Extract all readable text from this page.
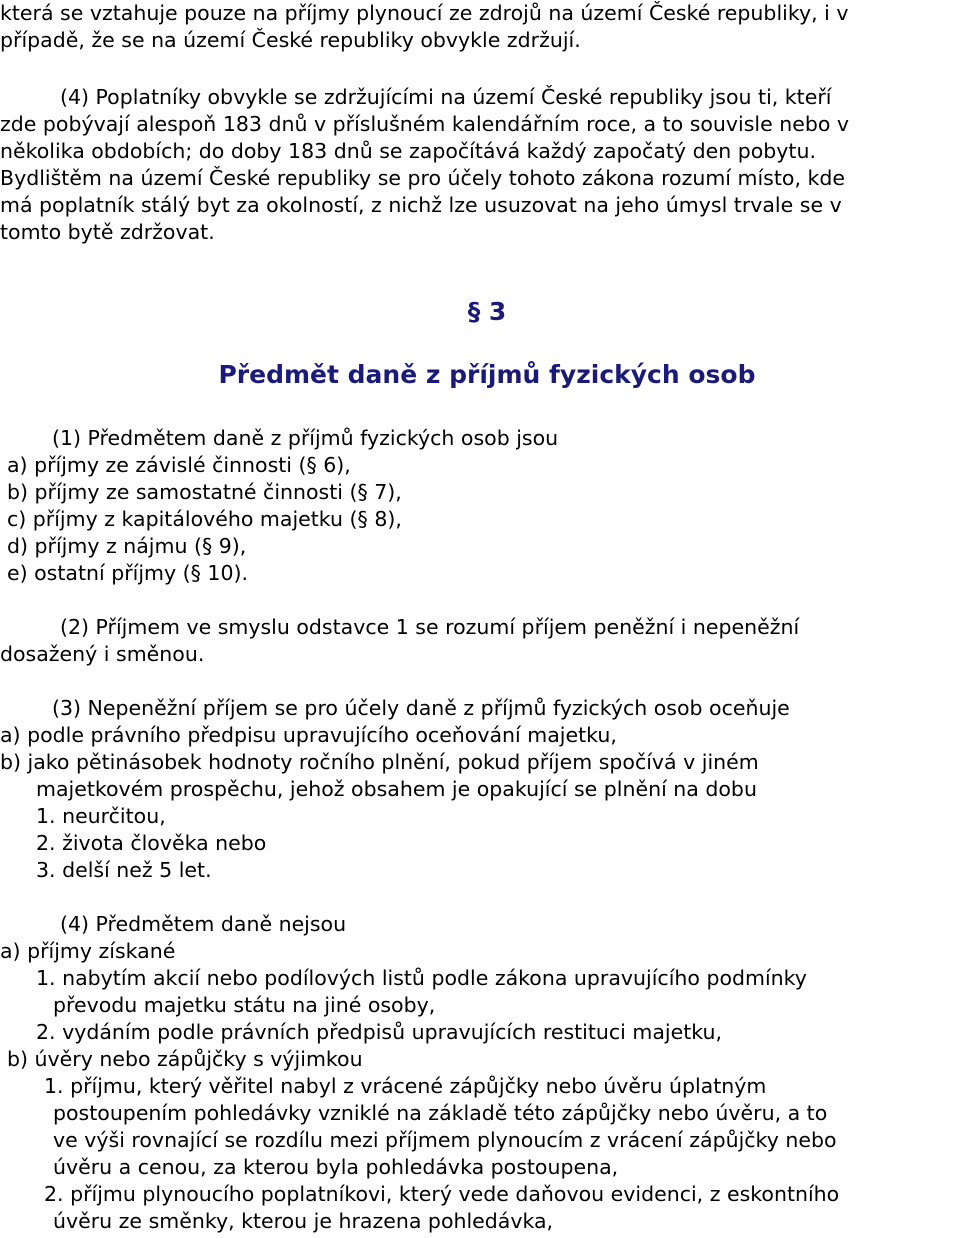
která se vztahuje pouze na příjmy plynoucí ze zdrojů na území České republiky, i v
případě, že se na území České republiky obvykle zdržují.
(4) Poplatníky obvykle se zdržujícími na území České republiky jsou ti, kteří
zde pobývají alespoň 183 dnů v příslušném kalendářním roce, a to souvisle nebo v
několika obdobích; do doby 183 dnů se započítává každý započatý den pobytu.
Bydlištěm na území České republiky se pro účely tohoto zákona rozumí místo, kde
má poplatník stálý byt za okolností, z nichž lze usuzovat na jeho úmysl trvale se v
tomto bytě zdržovat.
§ 3
Předmět daně z příjmů fyzických osob
(1) Předmětem daně z příjmů fyzických osob jsou
a) příjmy ze závislé činnosti (§ 6),
b) příjmy ze samostatné činnosti (§ 7),
c) příjmy z kapitálového majetku (§ 8),
d) příjmy z nájmu (§ 9),
e) ostatní příjmy (§ 10).
(2) Příjmem ve smyslu odstavce 1 se rozumí příjem peněžní i nepeněžní
dosažený i směnou.
(3) Nepeněžní příjem se pro účely daně z příjmů fyzických osob oceňuje
a) podle právního předpisu upravujícího oceňování majetku,
b) jako pětinásobek hodnoty ročního plnění, pokud příjem spočívá v jiném
majetkovém prospěchu, jehož obsahem je opakující se plnění na dobu
1. neurčitou,
2. života člověka nebo
3. delší než 5 let.
(4) Předmětem daně nejsou
a) příjmy získané
1. nabytím akcií nebo podílových listů podle zákona upravujícího podmínky
převodu majetku státu na jiné osoby,
2. vydáním podle právních předpisů upravujících restituci majetku,
b) úvěry nebo zápůjčky s výjimkou
1. příjmu, který věřitel nabyl z vrácené zápůjčky nebo úvěru úplatným
postoupením pohledávky vzniklé na základě této zápůjčky nebo úvěru, a to
ve výši rovnající se rozdílu mezi příjmem plynoucím z vrácení zápůjčky nebo
úvěru a cenou, za kterou byla pohledávka postoupena,
2. příjmu plynoucího poplatníkovi, který vede daňovou evidenci, z eskontního
úvěru ze směnky, kterou je hrazena pohledávka,
